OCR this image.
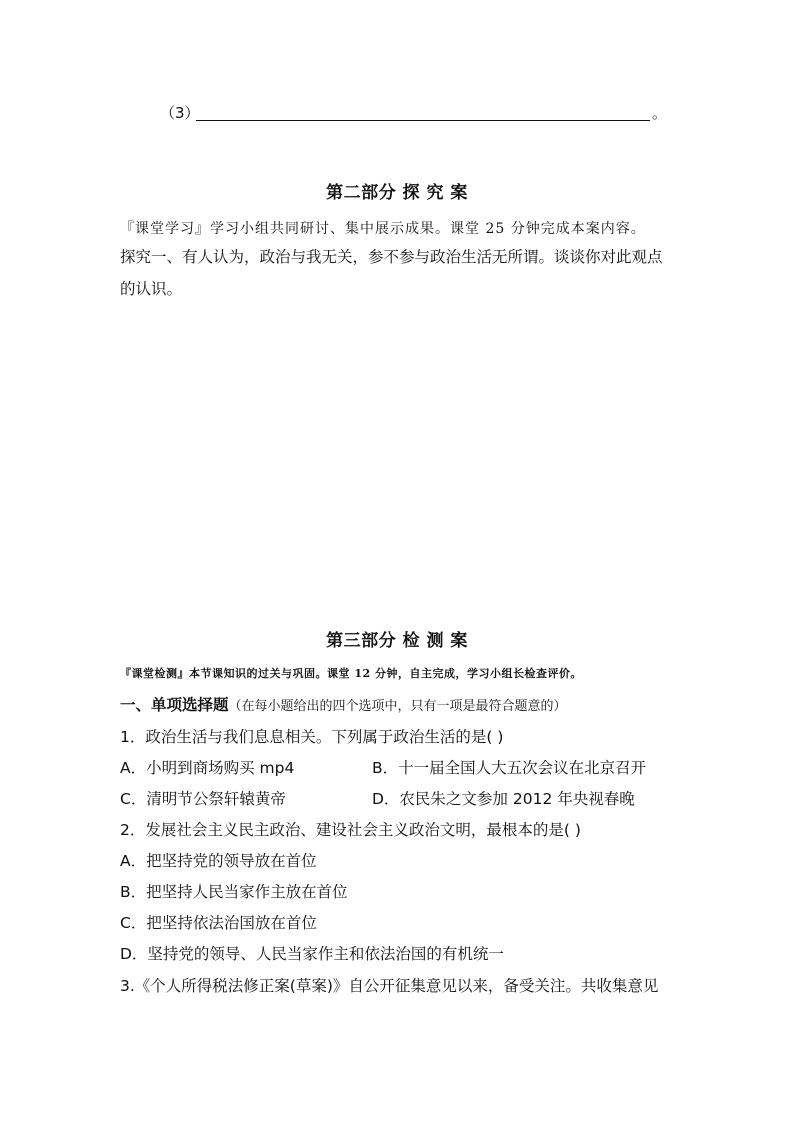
（3）	。
第二部分 探 究 案
『课堂学习』学习小组共同研讨、集中展示成果。课堂 25 分钟完成本案内容。
探究一、有人认为，政治与我无关，参不参与政治生活无所谓。谈谈你对此观点
的认识。
第三部分 检 测 案
『课堂检测』本节课知识的过关与巩固。课堂 12 分钟，自主完成，学习小组长检查评价。
一、单项选择题（在每小题给出的四个选项中，只有一项是最符合题意的）
1．政治生活与我们息息相关。下列属于政治生活的是( )
A．小明到商场购买 mp4	B．十一届全国人大五次会议在北京召开
C．清明节公祭轩辕黄帝	D．农民朱之文参加 2012 年央视春晚
2．发展社会主义民主政治、建设社会主义政治文明，最根本的是( )
A．把坚持党的领导放在首位
B．把坚持人民当家作主放在首位
C．把坚持依法治国放在首位
D．坚持党的领导、人民当家作主和依法治国的有机统一
3.《个人所得税法修正案(草案)》自公开征集意见以来，备受关注。共收集意见
